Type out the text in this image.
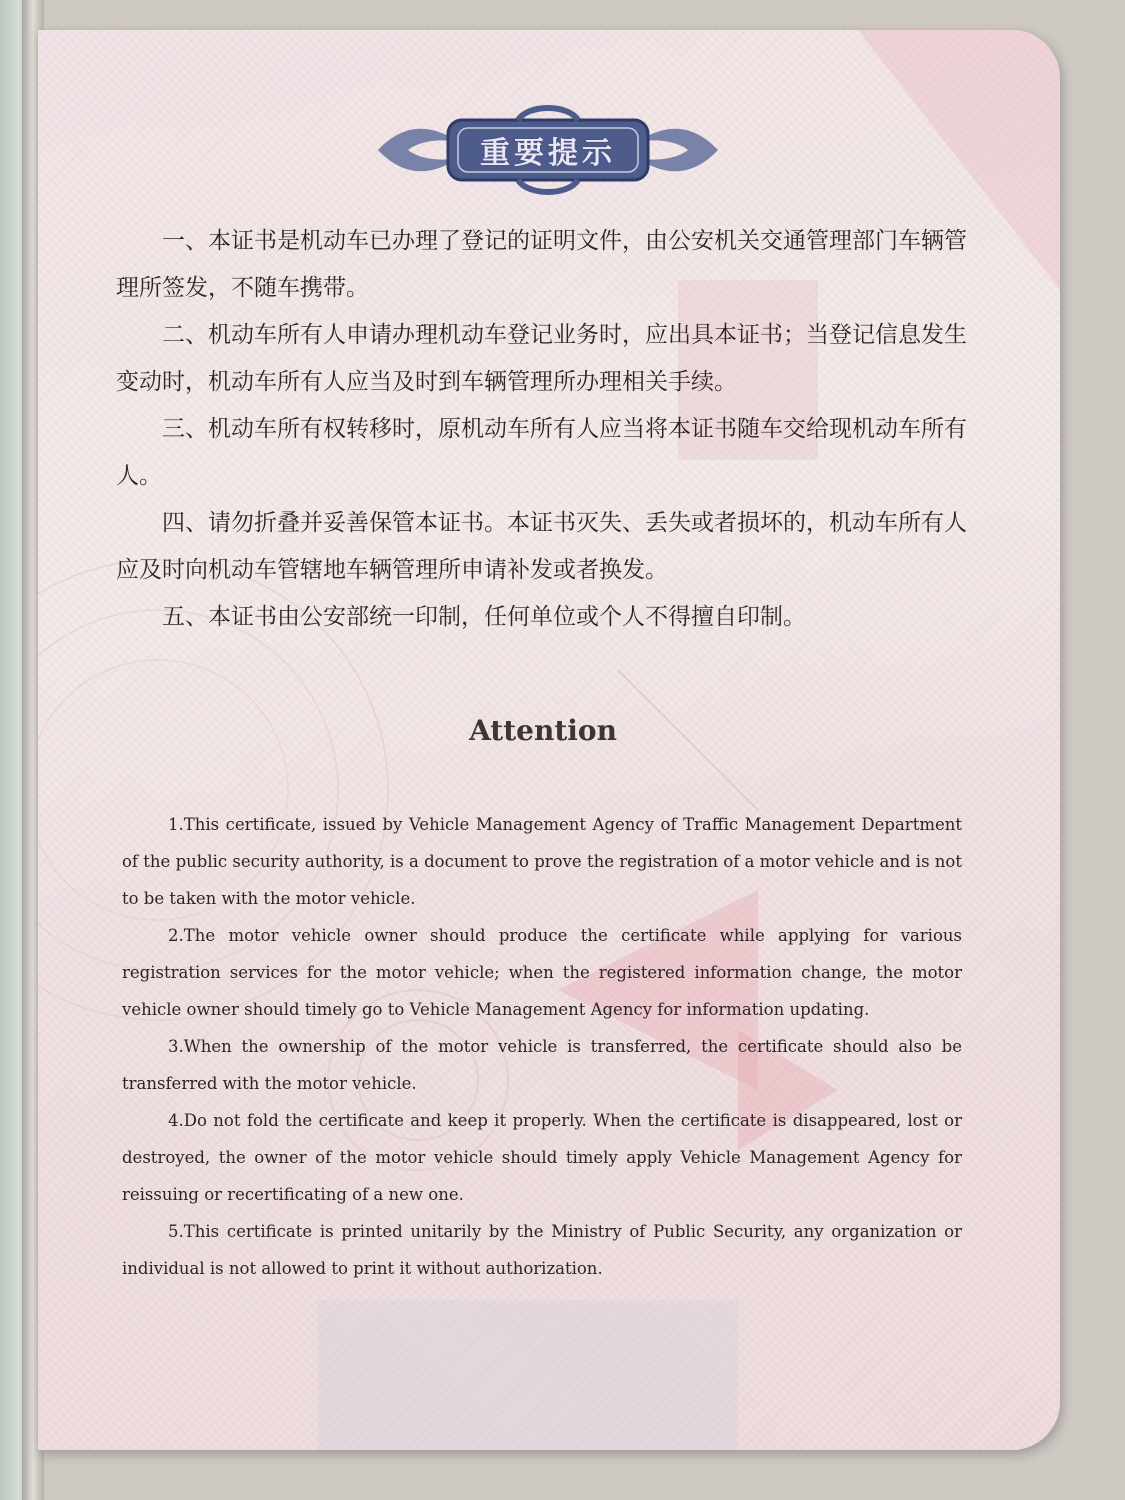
重要提示

一、本证书是机动车已办理了登记的证明文件，由公安机关交通管理部门车辆管理所签发，不随车携带。

二、机动车所有人申请办理机动车登记业务时，应出具本证书；当登记信息发生变动时，机动车所有人应当及时到车辆管理所办理相关手续。

三、机动车所有权转移时，原机动车所有人应当将本证书随车交给现机动车所有人。

四、请勿折叠并妥善保管本证书。本证书灭失、丢失或者损坏的，机动车所有人应及时向机动车管辖地车辆管理所申请补发或者换发。

五、本证书由公安部统一印制，任何单位或个人不得擅自印制。

Attention

1.This certificate, issued by Vehicle Management Agency of Traffic Management Department of the public security authority, is a document to prove the registration of a motor vehicle and is not to be taken with the motor vehicle.

2.The motor vehicle owner should produce the certificate while applying for various registration services for the motor vehicle; when the registered information change, the motor vehicle owner should timely go to Vehicle Management Agency for information updating.

3.When the ownership of the motor vehicle is transferred, the certificate should also be transferred with the motor vehicle.

4.Do not fold the certificate and keep it properly. When the certificate is disappeared, lost or destroyed, the owner of the motor vehicle should timely apply Vehicle Management Agency for reissuing or recertificating of a new one.

5.This certificate is printed unitarily by the Ministry of Public Security, any organization or individual is not allowed to print it without authorization.
